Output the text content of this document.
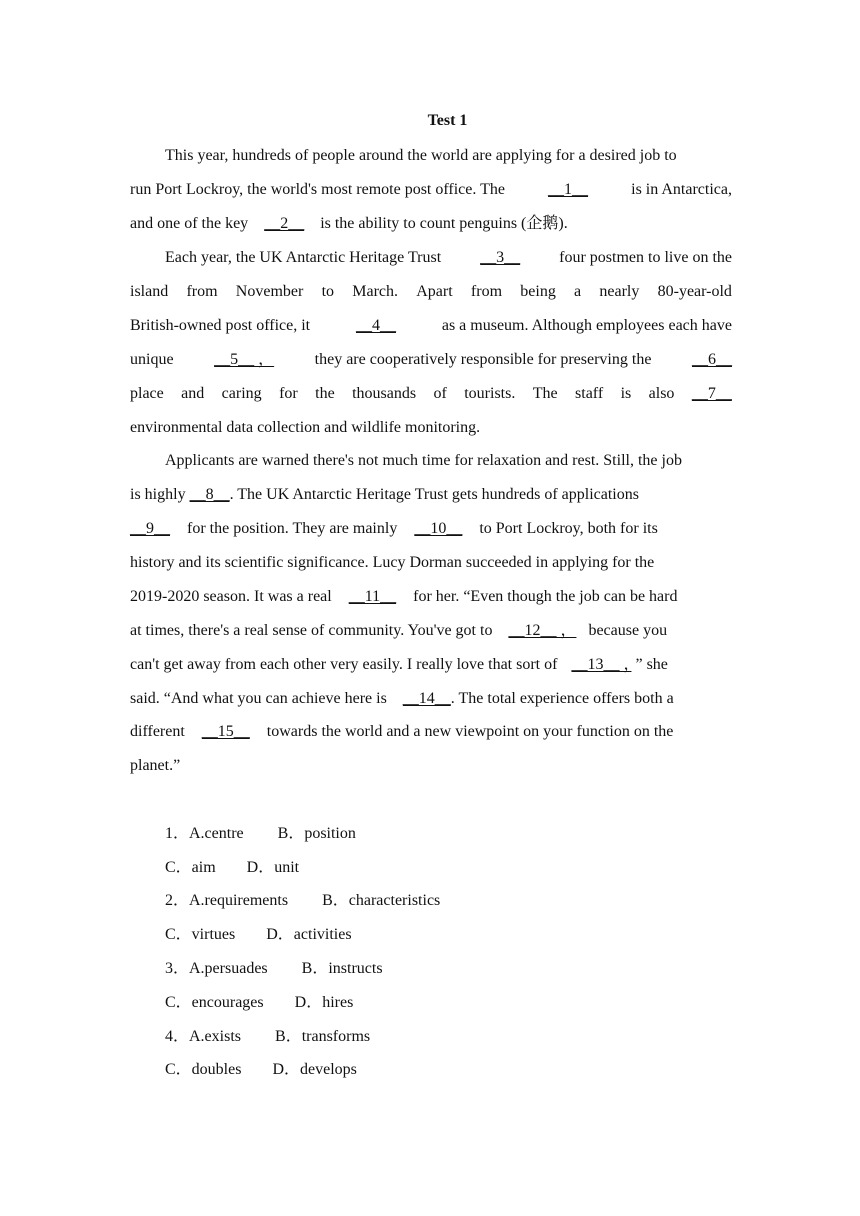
Test 1
This year, hundreds of people around the world are applying for a desired job to
run Port Lockroy, the world's most remote post office. The	__1__	is in Antarctica,
and one of the key __2__ is the ability to count penguins (企鹅).
Each year, the UK Antarctic Heritage Trust __3__ four postmen to live on the
island from November to March. Apart from being a nearly 80-year-old
British-owned post office, it	__4__	as a museum. Although employees each have
unique	__5__ ，	they are cooperatively responsible for preserving the	__6__
place and caring for the thousands of tourists. The staff is also __7__
environmental data collection and wildlife monitoring.
Applicants are warned there's not much time for relaxation and rest. Still, the job
is highly __8__. The UK Antarctic Heritage Trust gets hundreds of applications
__9__ for the position. They are mainly __10__ to Port Lockroy, both for its
history and its scientific significance. Lucy Dorman succeeded in applying for the
2019-2020 season. It was a real __11__ for her. “Even though the job can be hard
at times, there's a real sense of community. You've got to __12__ ， because you
can't get away from each other very easily. I really love that sort of __13__ ， ” she
said. “And what you can achieve here is __14__. The total experience offers both a
different __15__ towards the world and a new viewpoint on your function on the
planet.”
1．A.centre B．position
C．aim D．unit
2．A.requirements B．characteristics
C．virtues D．activities
3．A.persuades B．instructs
C．encourages D．hires
4．A.exists B．transforms
C．doubles D．develops
